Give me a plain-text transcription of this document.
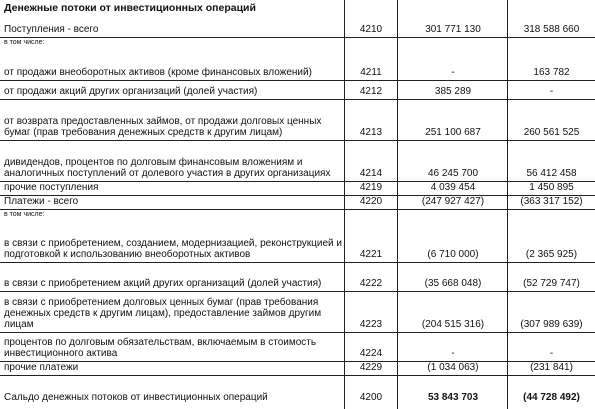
Денежные потоки от инвестиционных операций
Поступления - всего	4210	301 771 130	318 588 660
в том числе:
от продажи внеоборотных активов (кроме финансовых вложений)	4211	-	163 782
от продажи акций других организаций (долей участия)	4212	385 289	-
от возврата предоставленных займов, от продажи долговых ценных бумаг (прав требования денежных средств к другим лицам)	4213	251 100 687	260 561 525
дивидендов, процентов по долговым финансовым вложениям и аналогичных поступлений от долевого участия в других организациях	4214	46 245 700	56 412 458
прочие поступления	4219	4 039 454	1 450 895
Платежи - всего	4220	(247 927 427)	(363 317 152)
в том числе:
в связи с приобретением, созданием, модернизацией, реконструкцией и подготовкой к использованию внеоборотных активов	4221	(6 710 000)	(2 365 925)
в связи с приобретением акций других организаций (долей участия)	4222	(35 668 048)	(52 729 747)
в связи с приобретением долговых ценных бумаг (прав требования денежных средств к другим лицам), предоставление займов другим лицам	4223	(204 515 316)	(307 989 639)
процентов по долговым обязательствам, включаемым в стоимость инвестиционного актива	4224	-	-
прочие платежи	4229	(1 034 063)	(231 841)
Сальдо денежных потоков от инвестиционных операций	4200	53 843 703	(44 728 492)
